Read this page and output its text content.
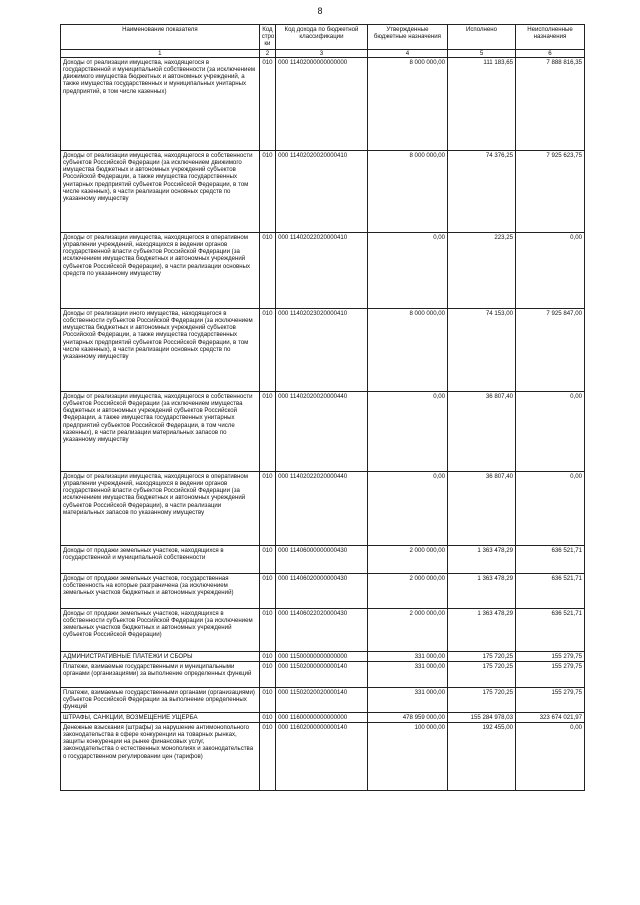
8
Наименование показателя	Код стро ки	Код дохода по бюджетной классификации	Утвержденные бюджетные назначения	Исполнено	Неисполненные назначения
1	2	3	4	5	6
Доходы от реализации имущества, находящегося в государственной и муниципальной собственности (за исключением движимого имущества бюджетных и автономных учреждений, а также имущества государственных и муниципальных унитарных предприятий, в том числе казенных)	010	000 11402000000000000	8 000 000,00	111 183,65	7 888 816,35
Доходы от реализации имущества, находящегося в собственности субъектов Российской Федерации (за исключением движимого имущества бюджетных и автономных учреждений субъектов Российской Федерации, а также имущества государственных унитарных предприятий субъектов Российской Федерации, в том числе казенных), в части реализации основных средств по указанному имуществу	010	000 11402020020000410	8 000 000,00	74 376,25	7 925 623,75
Доходы от реализации имущества, находящегося в оперативном управлении учреждений, находящихся в ведении органов государственной власти субъектов Российской Федерации (за исключением имущества бюджетных и автономных учреждений субъектов Российской Федерации), в части реализации основных средств по указанному имуществу	010	000 11402022020000410	0,00	223,25	0,00
Доходы от реализации иного имущества, находящегося в собственности субъектов Российской Федерации (за исключением имущества бюджетных и автономных учреждений субъектов Российской Федерации, а также имущества государственных унитарных предприятий субъектов Российской Федерации, в том числе казенных), в части реализации основных средств по указанному имуществу	010	000 11402023020000410	8 000 000,00	74 153,00	7 925 847,00
Доходы от реализации имущества, находящегося в собственности субъектов Российской Федерации (за исключением имущества бюджетных и автономных учреждений субъектов Российской Федерации, а также имущества государственных унитарных предприятий субъектов Российской Федерации, в том числе казенных), в части реализации материальных запасов по указанному имуществу	010	000 11402020020000440	0,00	36 807,40	0,00
Доходы от реализации имущества, находящегося в оперативном управлении учреждений, находящихся в ведении органов государственной власти субъектов Российской Федерации (за исключением имущества бюджетных и автономных учреждений субъектов Российской Федерации), в части реализации материальных запасов по указанному имуществу	010	000 11402022020000440	0,00	36 807,40	0,00
Доходы от продажи земельных участков, находящихся в государственной и муниципальной собственности	010	000 11406000000000430	2 000 000,00	1 363 478,29	636 521,71
Доходы от продажи земельных участков, государственная собственность на которые разграничена (за исключением земельных участков бюджетных и автономных учреждений)	010	000 11406020000000430	2 000 000,00	1 363 478,29	636 521,71
Доходы от продажи земельных участков, находящихся в собственности субъектов Российской Федерации (за исключением земельных участков бюджетных и автономных учреждений субъектов Российской Федерации)	010	000 11406022020000430	2 000 000,00	1 363 478,29	636 521,71
АДМИНИСТРАТИВНЫЕ ПЛАТЕЖИ И СБОРЫ	010	000 11500000000000000	331 000,00	175 720,25	155 279,75
Платежи, взимаемые государственными и муниципальными органами (организациями) за выполнение определенных функций	010	000 11502000000000140	331 000,00	175 720,25	155 279,75
Платежи, взимаемые государственными органами (организациями) субъектов Российской Федерации за выполнение определенных функций	010	000 11502020020000140	331 000,00	175 720,25	155 279,75
ШТРАФЫ, САНКЦИИ, ВОЗМЕЩЕНИЕ УЩЕРБА	010	000 11600000000000000	478 959 000,00	155 284 978,03	323 674 021,97
Денежные взыскания (штрафы) за нарушение антимонопольного законодательства в сфере конкуренции на товарных рынках, защиты конкуренции на рынке финансовых услуг, законодательства о естественных монополиях и законодательства о государственном регулировании цен (тарифов)	010	000 11602000000000140	100 000,00	192 455,00	0,00
